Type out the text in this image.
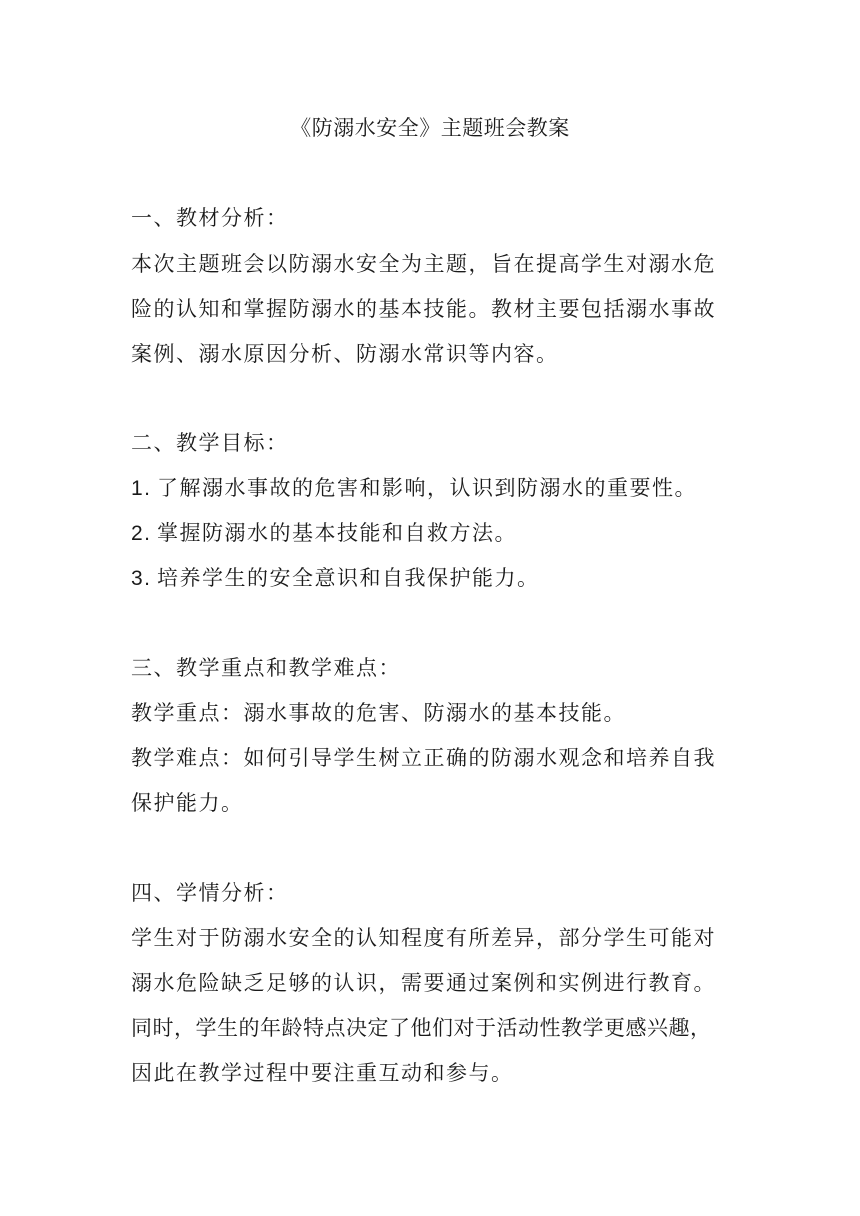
《防溺水安全》主题班会教案
一、教材分析：
本次主题班会以防溺水安全为主题，旨在提高学生对溺水危
险的认知和掌握防溺水的基本技能。教材主要包括溺水事故
案例、溺水原因分析、防溺水常识等内容。
二、教学目标：
1. 了解溺水事故的危害和影响，认识到防溺水的重要性。
2. 掌握防溺水的基本技能和自救方法。
3. 培养学生的安全意识和自我保护能力。
三、教学重点和教学难点：
教学重点：溺水事故的危害、防溺水的基本技能。
教学难点：如何引导学生树立正确的防溺水观念和培养自我
保护能力。
四、学情分析：
学生对于防溺水安全的认知程度有所差异，部分学生可能对
溺水危险缺乏足够的认识，需要通过案例和实例进行教育。
同时，学生的年龄特点决定了他们对于活动性教学更感兴趣，
因此在教学过程中要注重互动和参与。
